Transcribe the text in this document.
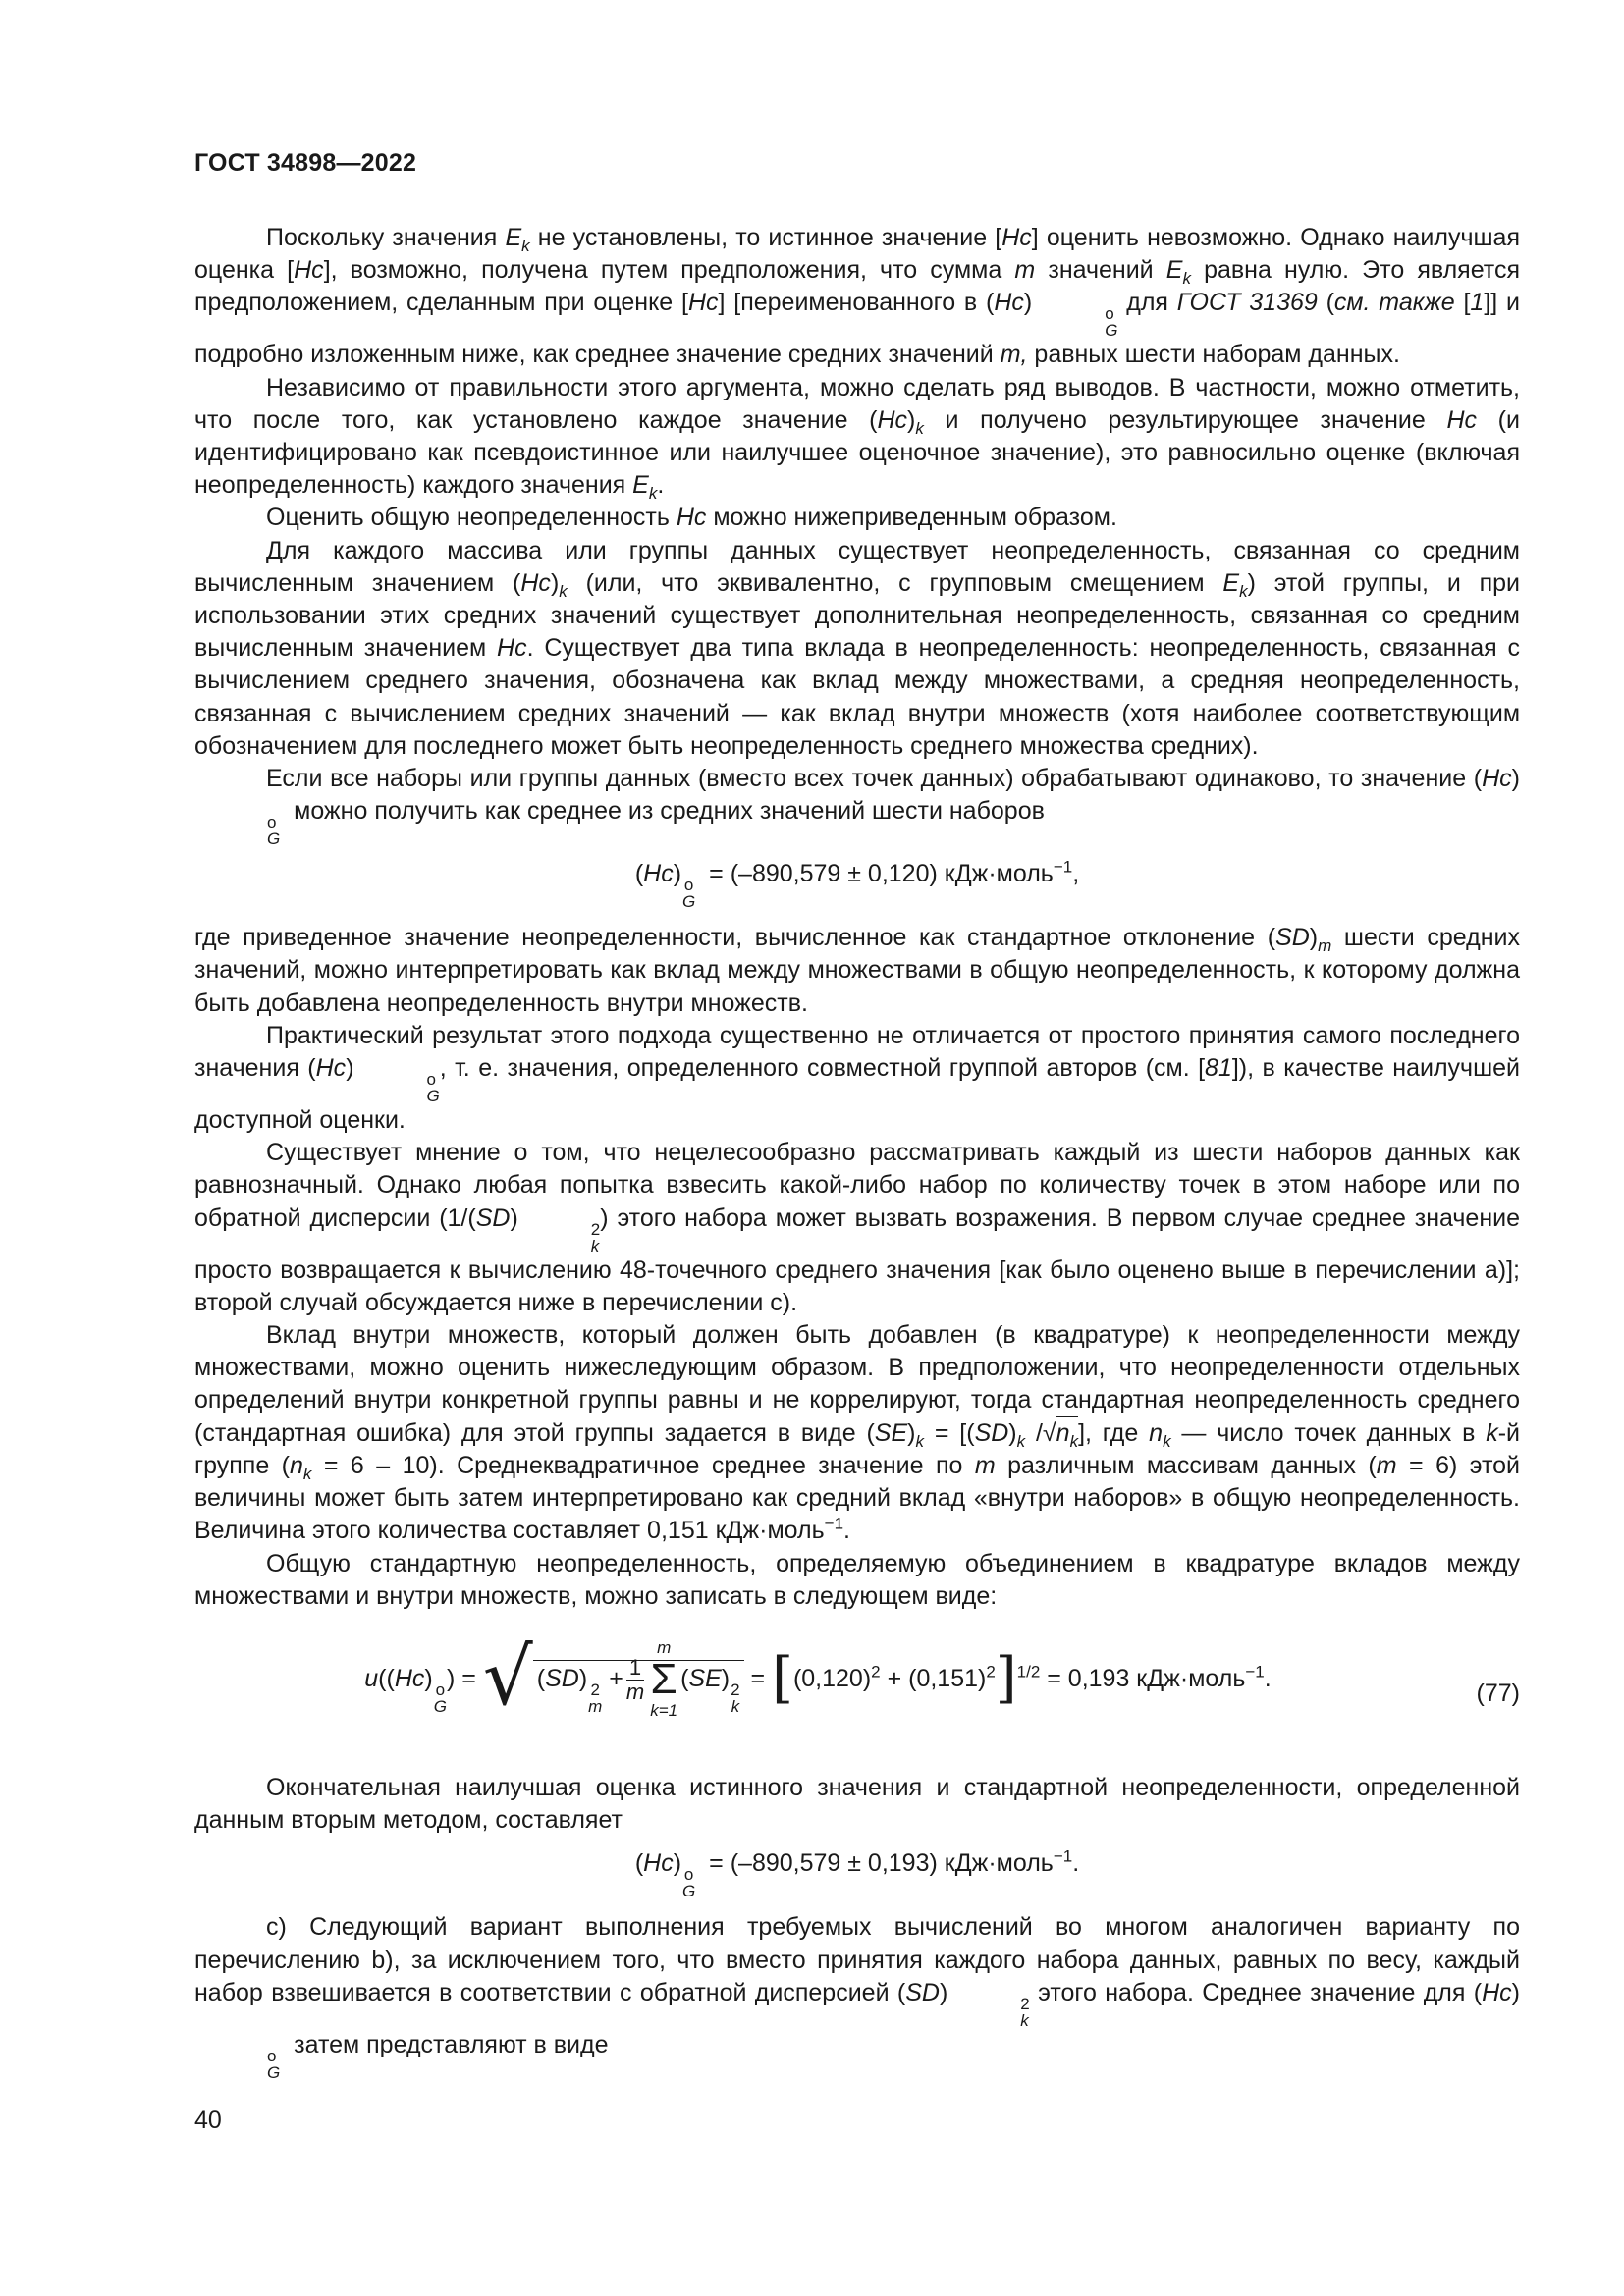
ГОСТ 34898—2022

Поскольку значения $E_k$ не установлены, то истинное значение [Hc] оценить невозможно. Однако наилучшая оценка [Hc], возможно, получена путем предположения, что сумма m значений $E_k$ равна нулю. Это является предположением, сделанным при оценке [Hc] [переименованного в (Hc)	o
G
для ГОСТ 31369 (см. также [1]] и подробно изложенным ниже, как среднее значение средних значений m, равных шести наборам данных.

Независимо от правильности этого аргумента, можно сделать ряд выводов. В частности, можно отметить, что после того, как установлено каждое значение $(Hc)_k$ и получено результирующее значение Hc (и идентифицировано как псевдоистинное или наилучшее оценочное значение), это равносильно оценке (включая неопределенность) каждого значения $E_k$.

Оценить общую неопределенность Hc можно нижеприведенным образом.

Для каждого массива или группы данных существует неопределенность, связанная со средним вычисленным значением $(Hc)_k$ (или, что эквивалентно, с групповым смещением $E_k$) этой группы, и при использовании этих средних значений существует дополнительная неопределенность, связанная со средним вычисленным значением Hc. Существует два типа вклада в неопределенность: неопределенность, связанная с вычислением среднего значения, обозначена как вклад между множествами, а средняя неопределенность, связанная с вычислением средних значений — как вклад внутри множеств (хотя наиболее соответствующим обозначением для последнего может быть неопределенность среднего множества средних).

Если все наборы или группы данных (вместо всех точек данных) обрабатывают одинаково, то значение (Hc)
o
G
можно получить как среднее из средних значений шести наборов

(Hc) o
G
= (–890,579 ± 0,120) кДж·моль$^{-1}$,

где приведенное значение неопределенности, вычисленное как стандартное отклонение $(SD)_m$ шести средних значений, можно интерпретировать как вклад между множествами в общую неопределенность, к которому должна быть добавлена неопределенность внутри множеств.

Практический результат этого подхода существенно не отличается от простого принятия самого последнего значения (Hc)	o
G
, т. е. значения, определенного совместной группой авторов (см. [81]), в качестве наилучшей доступной оценки.

Существует мнение о том, что нецелесообразно рассматривать каждый из шести наборов данных как равнозначный. Однако любая попытка взвесить какой-либо набор по количеству точек в этом наборе или по обратной дисперсии (1/(SD)	2
k
) этого набора может вызвать возражения. В первом случае среднее значение просто возвращается к вычислению 48-точечного среднего значения [как было оценено выше в перечислении а)]; второй случай обсуждается ниже в перечислении с).

Вклад внутри множеств, который должен быть добавлен (в квадратуре) к неопределенности между множествами, можно оценить нижеследующим образом. В предположении, что неопределенности отдельных определений внутри конкретной группы равны и не коррелируют, тогда стандартная неопределенность среднего (стандартная ошибка) для этой группы задается в виде $(SE)_k = [(SD)_k$ $/√n_k$], где $n_k$ — число точек данных в k-й группе $(n_k = 6 - 10)$. Среднеквадратичное среднее значение по m различным массивам данных (m = 6) этой величины может быть затем интерпретировано как средний вклад «внутри наборов» в общую неопределенность. Величина этого количества составляет 0,151 кДж·моль$^{-1}$.

Общую стандартную неопределенность, определяемую объединением в квадратуре вкладов между множествами и внутри множеств, можно записать в следующем виде:

u((Hc) o
G
) = √ (SD) 2
m
+ $\frac{1}{m}$
m
Σ
k=1
(SE) 2
k
= $[(0,120)^2 + (0,151)^2]^{1/2} = 0,193$ кДж·моль$^{-1}$.
(77)

Окончательная наилучшая оценка истинного значения и стандартной неопределенности, определенной данным вторым методом, составляет

(Hc) o
G
= (–890,579 ± 0,193) кДж·моль$^{-1}$.

с) Следующий вариант выполнения требуемых вычислений во многом аналогичен варианту по перечислению b), за исключением того, что вместо принятия каждого набора данных, равных по весу, каждый набор взвешивается в соответствии с обратной дисперсией (SD)	2
k
этого набора. Среднее значение для (Hc)
o
G
затем представляют в виде

40
